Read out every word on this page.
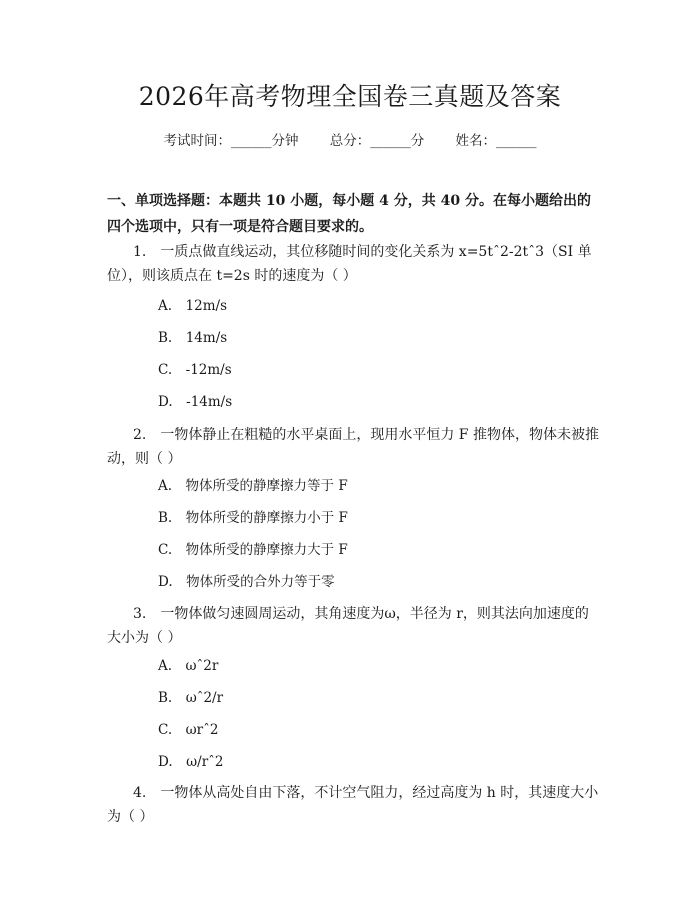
2026年高考物理全国卷三真题及答案
考试时间：______分钟　　 总分：______分　　 姓名：______
一、单项选择题：本题共 10 小题，每小题 4 分，共 40 分。在每小题给出的四个选项中，只有一项是符合题目要求的。
1.　一质点做直线运动，其位移随时间的变化关系为 x=5tˆ2-2tˆ3（SI 单位），则该质点在 t=2s 时的速度为（ ）
A.　12m/s
B.　14m/s
C.　-12m/s
D.　-14m/s
2.　一物体静止在粗糙的水平桌面上，现用水平恒力 F 推物体，物体未被推动，则（ ）
A.　物体所受的静摩擦力等于 F
B.　物体所受的静摩擦力小于 F
C.　物体所受的静摩擦力大于 F
D.　物体所受的合外力等于零
3.　一物体做匀速圆周运动，其角速度为ω，半径为 r，则其法向加速度的大小为（ ）
A.　ωˆ2r
B.　ωˆ2/r
C.　ωrˆ2
D.　ω/rˆ2
4.　一物体从高处自由下落，不计空气阻力，经过高度为 h 时，其速度大小为（ ）
